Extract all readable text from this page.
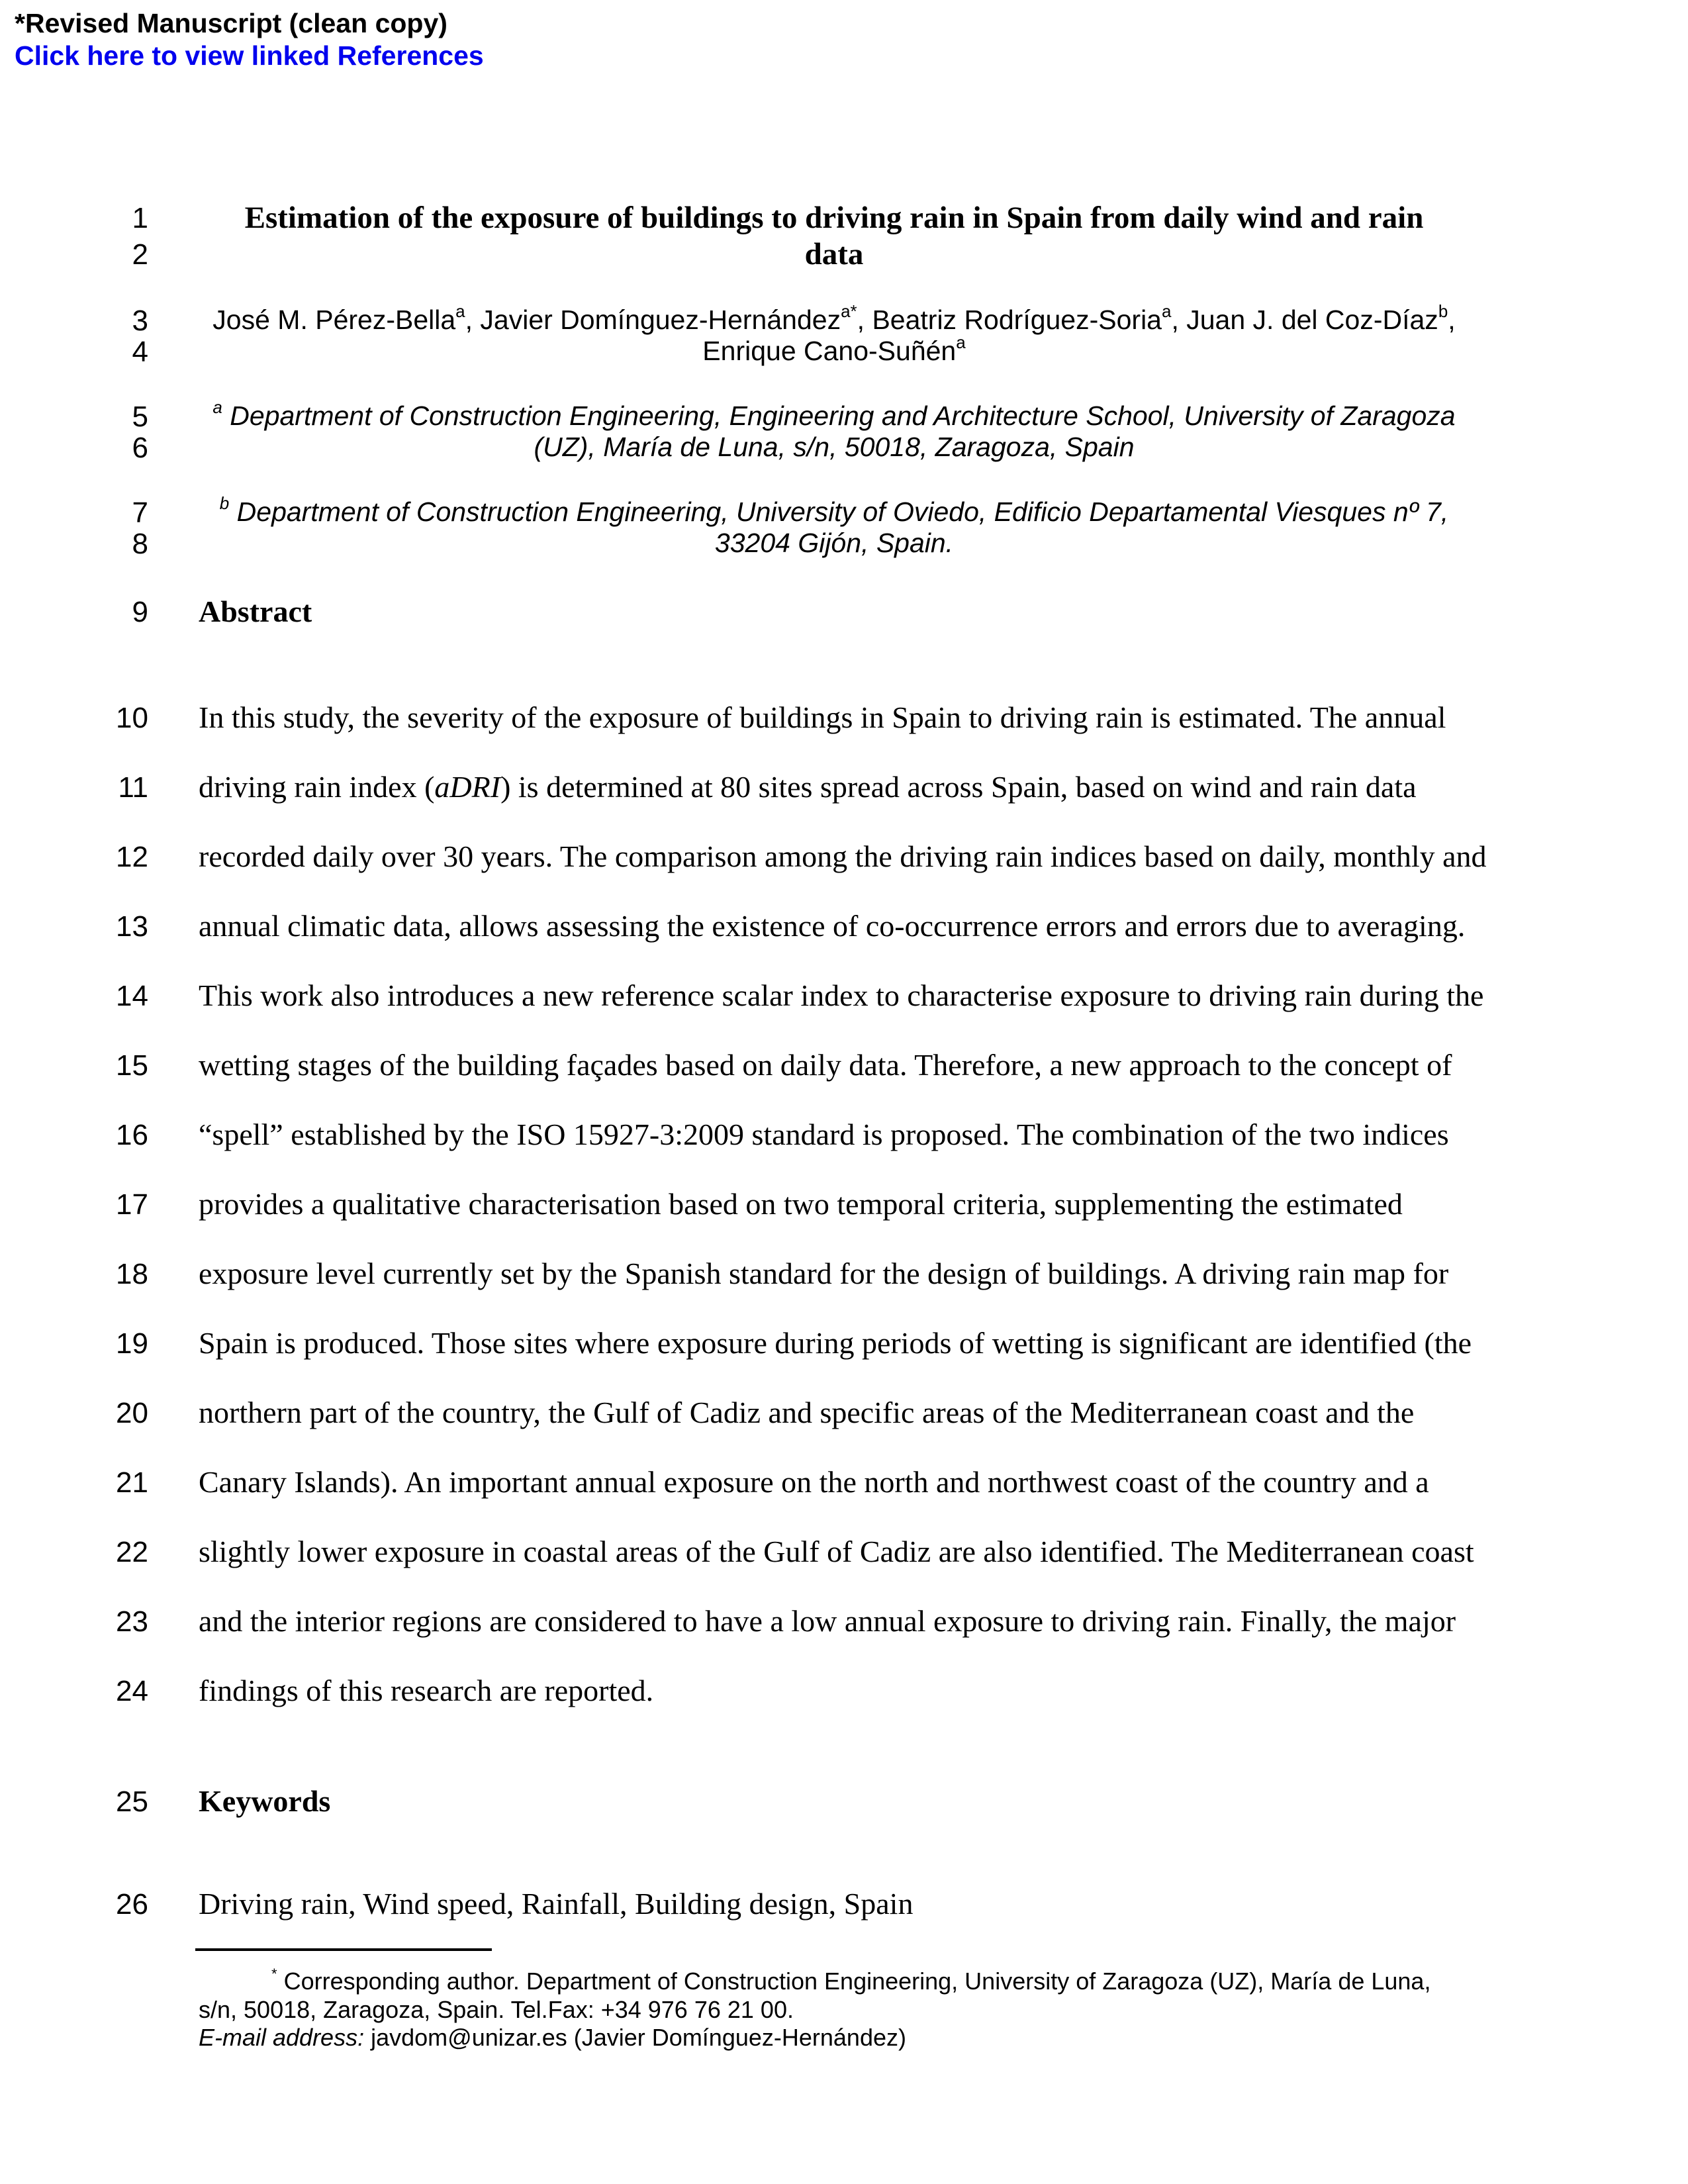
*Revised Manuscript (clean copy)
Click here to view linked References
1	Estimation of the exposure of buildings to driving rain in Spain from daily wind and rain
2	data
3	José M. Pérez-Bella$^a$, Javier Domínguez-Hernández$^{a*}$, Beatriz Rodríguez-Soria$^a$, Juan J. del Coz-Díaz$^b$,
4	Enrique Cano-Suñén$^a$
5	$^a$ Department of Construction Engineering, Engineering and Architecture School, University of Zaragoza
6	(UZ), María de Luna, s/n, 50018, Zaragoza, Spain
7	$^b$ Department of Construction Engineering, University of Oviedo, Edificio Departamental Viesques nº 7,
8	33204 Gijón, Spain.
9 Abstract
10 In this study, the severity of the exposure of buildings in Spain to driving rain is estimated. The annual
11 driving rain index (aDRI) is determined at 80 sites spread across Spain, based on wind and rain data
12 recorded daily over 30 years. The comparison among the driving rain indices based on daily, monthly and
13 annual climatic data, allows assessing the existence of co-occurrence errors and errors due to averaging.
14 This work also introduces a new reference scalar index to characterise exposure to driving rain during the
15 wetting stages of the building façades based on daily data. Therefore, a new approach to the concept of
16 “spell” established by the ISO 15927-3:2009 standard is proposed. The combination of the two indices
17 provides a qualitative characterisation based on two temporal criteria, supplementing the estimated
18 exposure level currently set by the Spanish standard for the design of buildings. A driving rain map for
19 Spain is produced. Those sites where exposure during periods of wetting is significant are identified (the
20 northern part of the country, the Gulf of Cadiz and specific areas of the Mediterranean coast and the
21 Canary Islands). An important annual exposure on the north and northwest coast of the country and a
22 slightly lower exposure in coastal areas of the Gulf of Cadiz are also identified. The Mediterranean coast
23 and the interior regions are considered to have a low annual exposure to driving rain. Finally, the major
24 findings of this research are reported.
25 Keywords
26 Driving rain, Wind speed, Rainfall, Building design, Spain
* Corresponding author. Department of Construction Engineering, University of Zaragoza (UZ), María de Luna,
s/n, 50018, Zaragoza, Spain. Tel.Fax: +34 976 76 21 00.
E-mail address: javdom@unizar.es (Javier Domínguez-Hernández)
